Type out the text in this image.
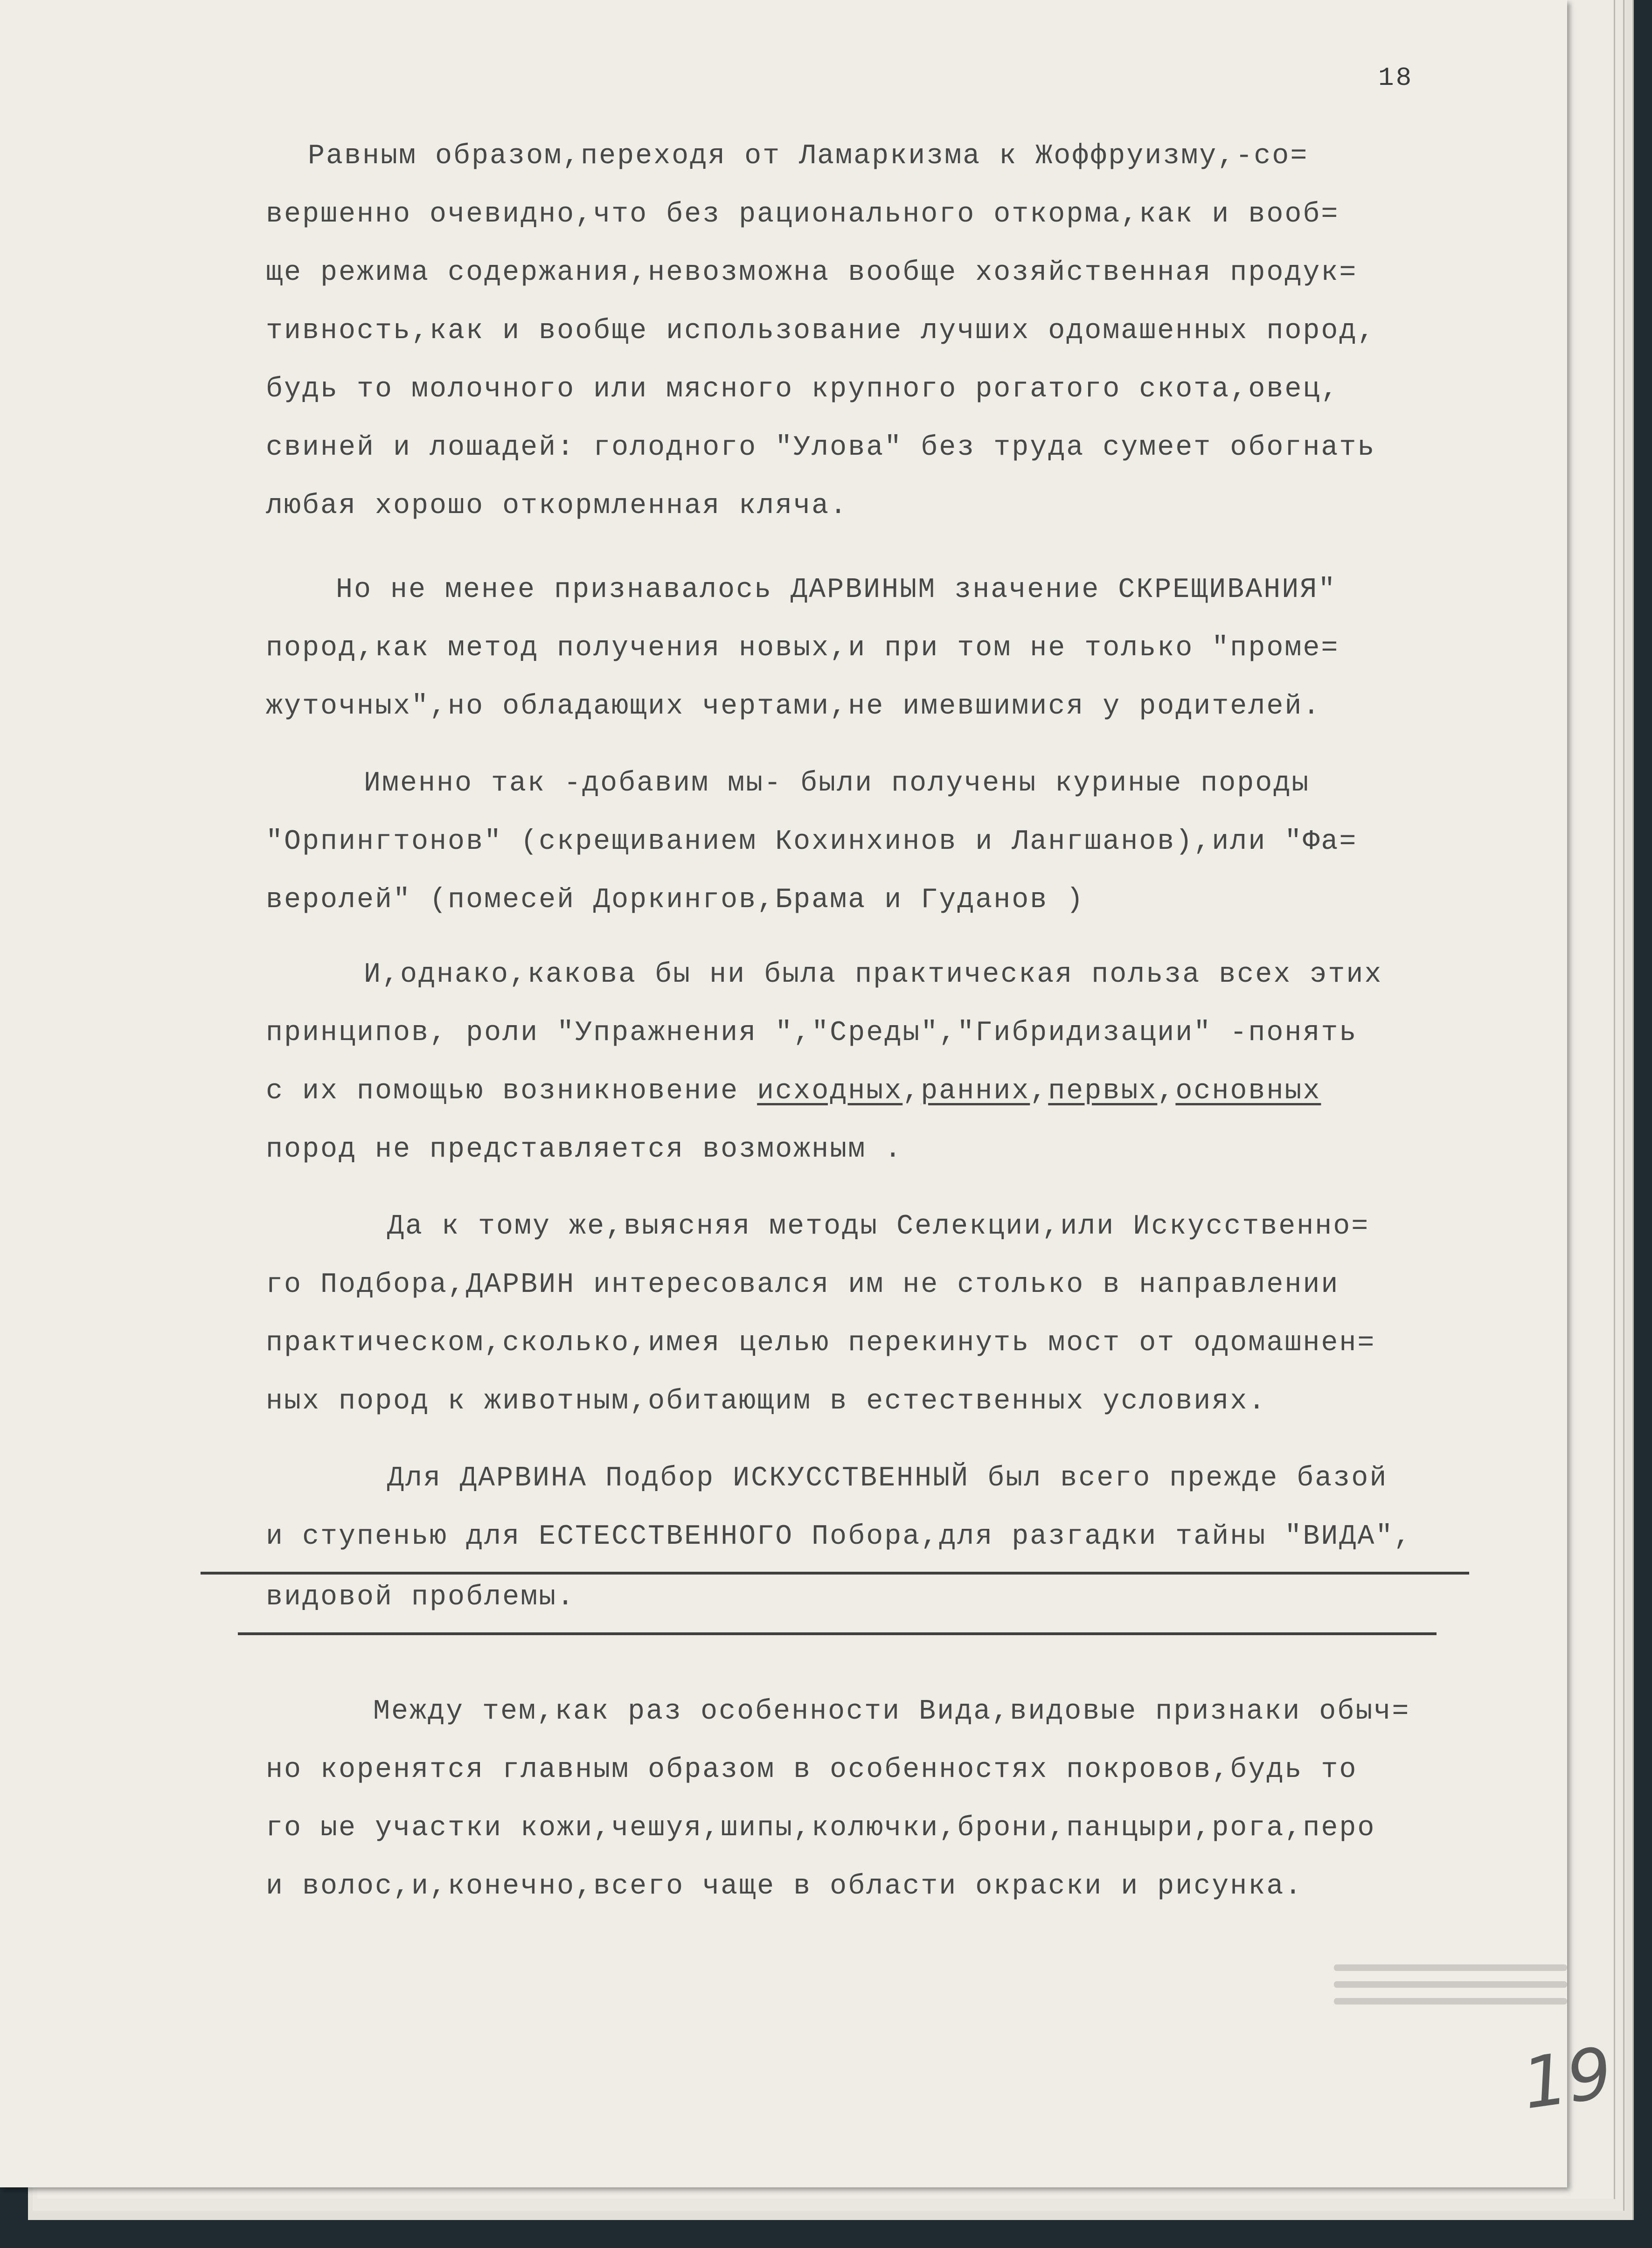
18
Равным образом,переходя от Ламаркизма к Жоффруизму,-со=
вершенно очевидно,что без рационального откорма,как и вооб=
ще режима содержания,невозможна вообще хозяйственная продук=
тивность,как и вообще использование лучших одомашенных пород,
будь то молочного или мясного крупного рогатого скота,овец,
свиней и лошадей: голодного "Улова" без труда сумеет обогнать
любая хорошо откормленная кляча.
Но не менее признавалось ДАРВИНЫМ значение СКРЕЩИВАНИЯ"
пород,как метод получения новых,и при том не только "проме=
жуточных",но обладающих чертами,не имевшимися у родителей.
Именно так -добавим мы- были получены куриные породы
"Орпингтонов" (скрещиванием Кохинхинов и Лангшанов),или "Фа=
веролей" (помесей Доркингов,Брама и Гуданов )
И,однако,какова бы ни была практическая польза всех этих
принципов, роли "Упражнения ","Среды","Гибридизации" -понять
с их помощью возникновение исходных,ранних,первых,основных
пород не представляется возможным .
Да к тому же,выясняя методы Селекции,или Искусственно=
го Подбора,ДАРВИН интересовался им не столько в направлении
практическом,сколько,имея целью перекинуть мост от одомашнен=
ных пород к животным,обитающим в естественных условиях.
Для ДАРВИНА Подбор ИСКУССТВЕННЫЙ был всего прежде базой
и ступенью для ЕСТЕССТВЕННОГО Побора,для разгадки тайны "ВИДА",
видовой проблемы.
Между тем,как раз особенности Вида,видовые признаки обыч=
но коренятся главным образом в особенностях покровов,будь то
го ые участки кожи,чешуя,шипы,колючки,брони,панцыри,рога,перо
и волос,и,конечно,всего чаще в области окраски и рисунка.
19
